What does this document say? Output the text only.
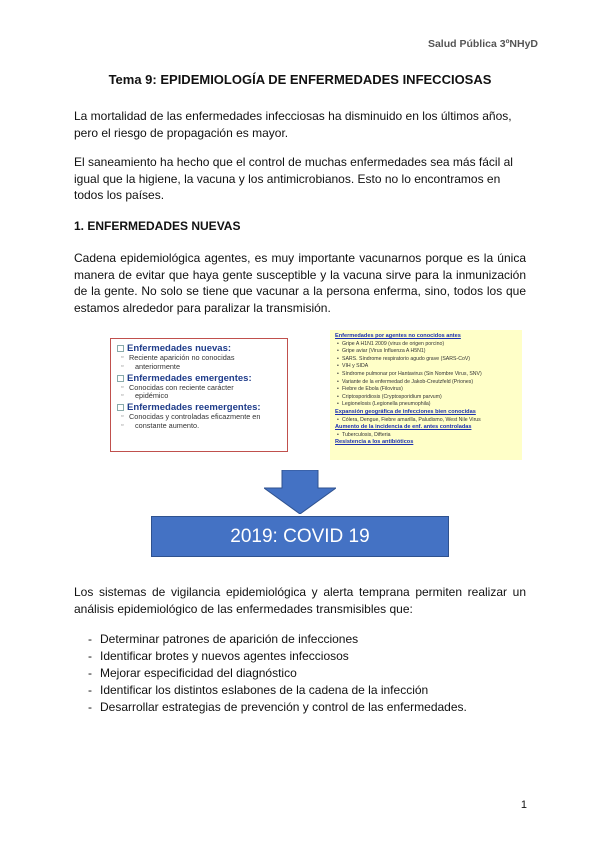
Salud Pública 3ºNHyD
Tema 9: EPIDEMIOLOGÍA DE ENFERMEDADES INFECCIOSAS
La mortalidad de las enfermedades infecciosas ha disminuido en los últimos años,
pero el riesgo de propagación es mayor.
El saneamiento ha hecho que el control de muchas enfermedades sea más fácil al
igual que la higiene, la vacuna y los antimicrobianos. Esto no lo encontramos en
todos los países.
1. ENFERMEDADES NUEVAS
Cadena epidemiológica agentes, es muy importante vacunarnos porque es la única
manera de evitar que haya gente susceptible y la vacuna sirve para la inmunización
de la gente. No solo se tiene que vacunar a la persona enferma, sino, todos los que
estamos alrededor para paralizar la transmisión.
Enfermedades nuevas:
▫ Reciente aparición no conocidas
▫ anteriormente
Enfermedades emergentes:
▫ Conocidas con reciente carácter
▫ epidémico
Enfermedades reemergentes:
▫ Conocidas y controladas eficazmente en
▫ constante aumento.
Enfermedades por agentes no conocidos antes
• Gripe A H1N1 2009 (virus de origen porcino)
• Gripe aviar (Virus Influenza A H5N1)
• SARS. Síndrome respiratorio agudo grave (SARS-CoV)
• VIH y SIDA
• Síndrome pulmonar por Hantavirus (Sin Nombre Virus, SNV)
• Variante de la enfermedad de Jakob-Creutzfeld (Priones)
• Fiebre de Ébola (Filovirus)
• Criptosporidiosis (Cryptosporidium parvum)
• Legionelosis (Legionella pneumophila)
Expansión geográfica de infecciones bien conocidas
• Cólera, Dengue, Fiebre amarilla, Paludismo, West Nile Virus
Aumento de la incidencia de enf. antes controladas
• Tuberculosis, Difteria
Resistencia a los antibióticos
2019: COVID 19
Los sistemas de vigilancia epidemiológica y alerta temprana permiten realizar un
análisis epidemiológico de las enfermedades transmisibles que:
- Determinar patrones de aparición de infecciones
- Identificar brotes y nuevos agentes infecciosos
- Mejorar especificidad del diagnóstico
- Identificar los distintos eslabones de la cadena de la infección
- Desarrollar estrategias de prevención y control de las enfermedades.
1
